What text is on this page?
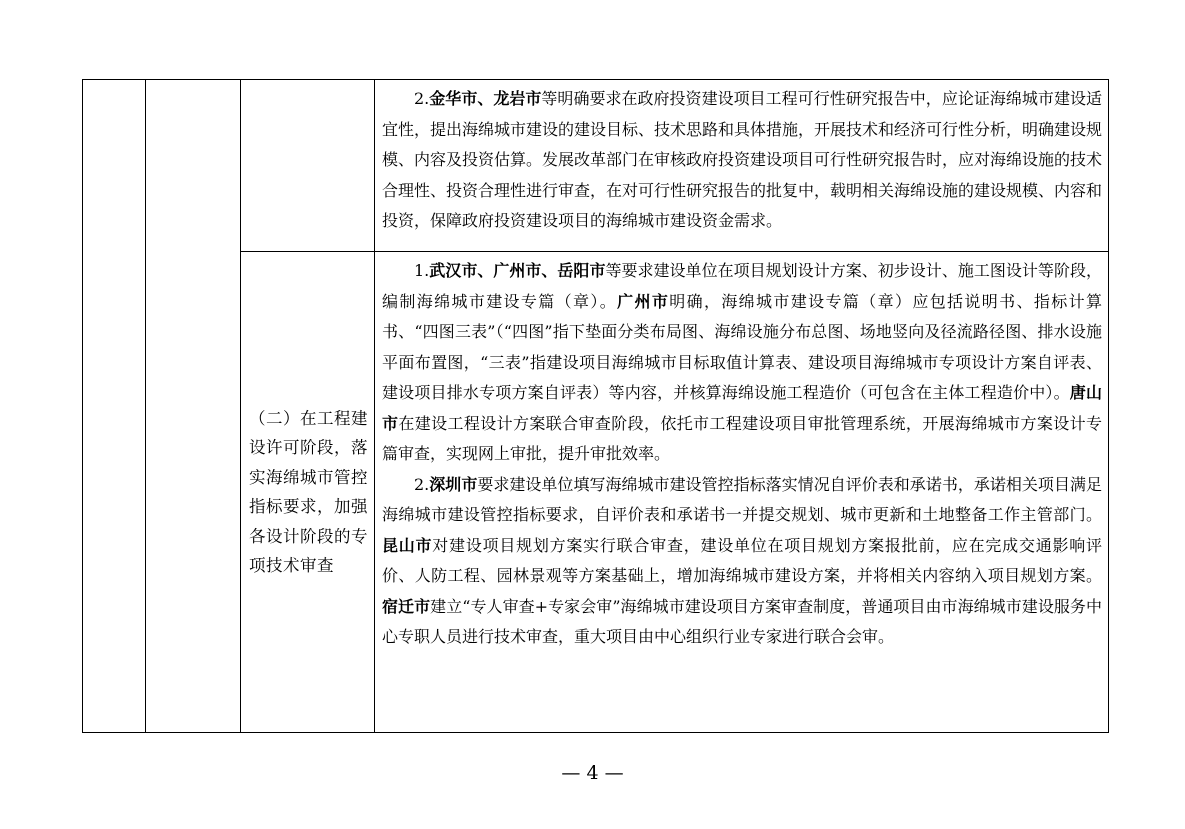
			2.金华市、龙岩市等明确要求在政府投资建设项目工程可行性研究报告中，应论证海绵城市建设适宜性，提出海绵城市建设的建设目标、技术思路和具体措施，开展技术和经济可行性分析，明确建设规模、内容及投资估算。发展改革部门在审核政府投资建设项目可行性研究报告时，应对海绵设施的技术合理性、投资合理性进行审查，在对可行性研究报告的批复中，载明相关海绵设施的建设规模、内容和投资，保障政府投资建设项目的海绵城市建设资金需求。

		（二）在工程建设许可阶段，落实海绵城市管控指标要求，加强各设计阶段的专项技术审查	1.武汉市、广州市、岳阳市等要求建设单位在项目规划设计方案、初步设计、施工图设计等阶段，编制海绵城市建设专篇（章）。广州市明确，海绵城市建设专篇（章）应包括说明书、指标计算书、“四图三表”（“四图”指下垫面分类布局图、海绵设施分布总图、场地竖向及径流路径图、排水设施平面布置图，“三表”指建设项目海绵城市目标取值计算表、建设项目海绵城市专项设计方案自评表、建设项目排水专项方案自评表）等内容，并核算海绵设施工程造价（可包含在主体工程造价中）。唐山市在建设工程设计方案联合审查阶段，依托市工程建设项目审批管理系统，开展海绵城市方案设计专篇审查，实现网上审批，提升审批效率。

2.深圳市要求建设单位填写海绵城市建设管控指标落实情况自评价表和承诺书，承诺相关项目满足海绵城市建设管控指标要求，自评价表和承诺书一并提交规划、城市更新和土地整备工作主管部门。昆山市对建设项目规划方案实行联合审查，建设单位在项目规划方案报批前，应在完成交通影响评价、人防工程、园林景观等方案基础上，增加海绵城市建设方案，并将相关内容纳入项目规划方案。宿迁市建立“专人审查+专家会审”海绵城市建设项目方案审查制度，普通项目由市海绵城市建设服务中心专职人员进行技术审查，重大项目由中心组织行业专家进行联合会审。

— 4 —
